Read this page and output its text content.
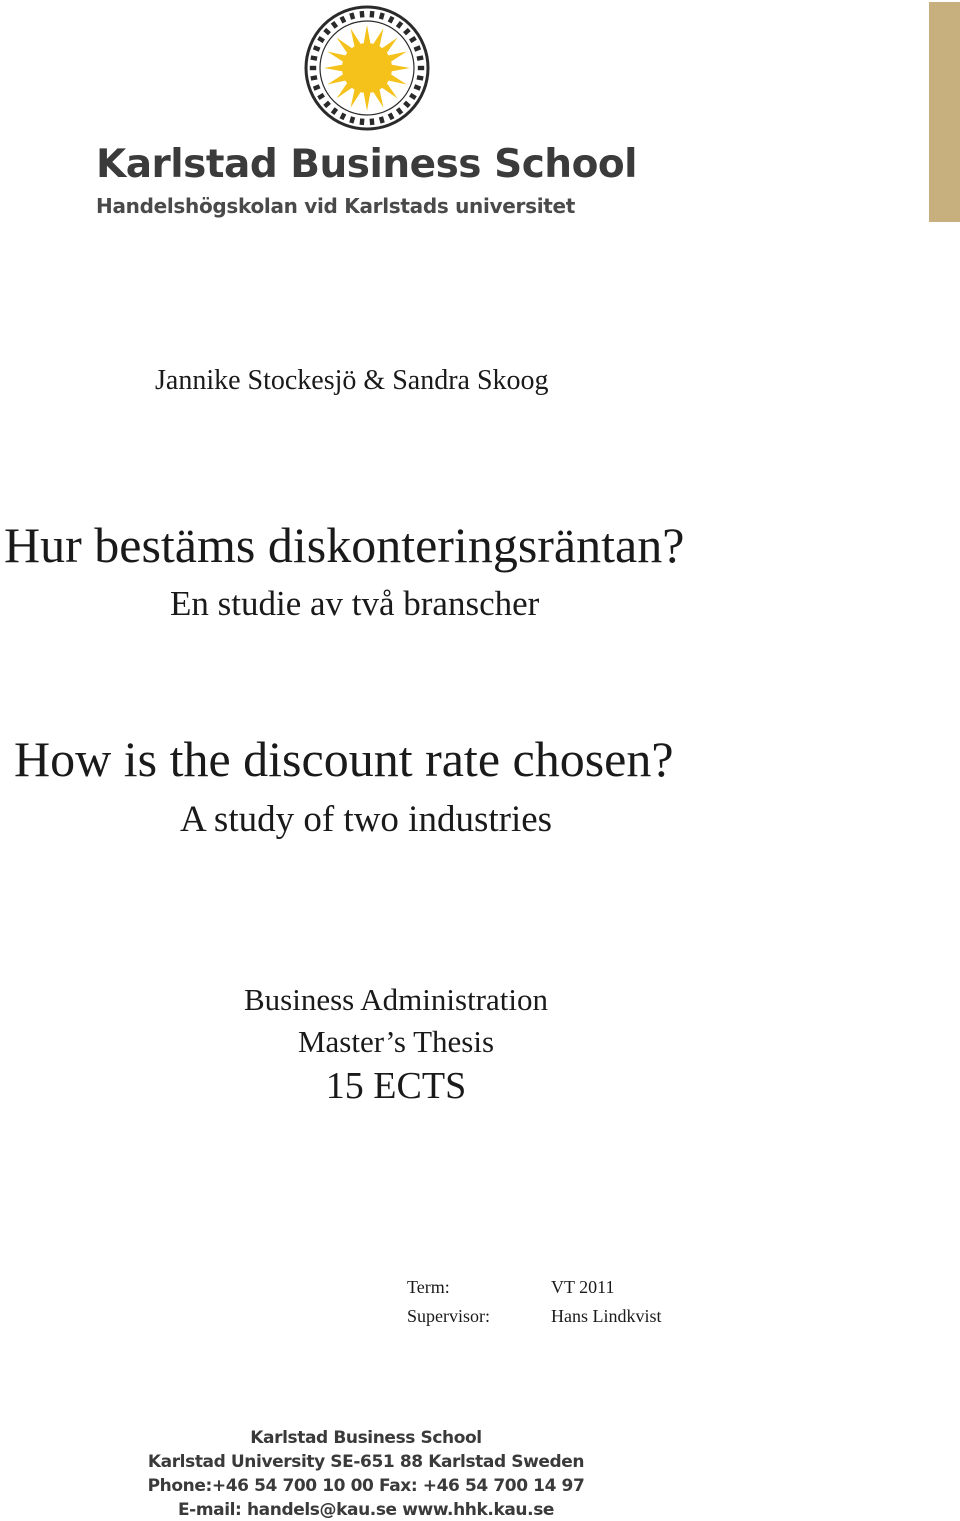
Karlstad Business School
Handelshögskolan vid Karlstads universitet
Jannike Stockesjö & Sandra Skoog
Hur bestäms diskonteringsräntan?
En studie av två branscher
How is the discount rate chosen?
A study of two industries
Business Administration
Master’s Thesis
15 ECTS
Term:	VT 2011
Supervisor:	Hans Lindkvist
Karlstad Business School
Karlstad University SE-651 88 Karlstad Sweden
Phone:+46 54 700 10 00 Fax: +46 54 700 14 97
E-mail: handels@kau.se www.hhk.kau.se
